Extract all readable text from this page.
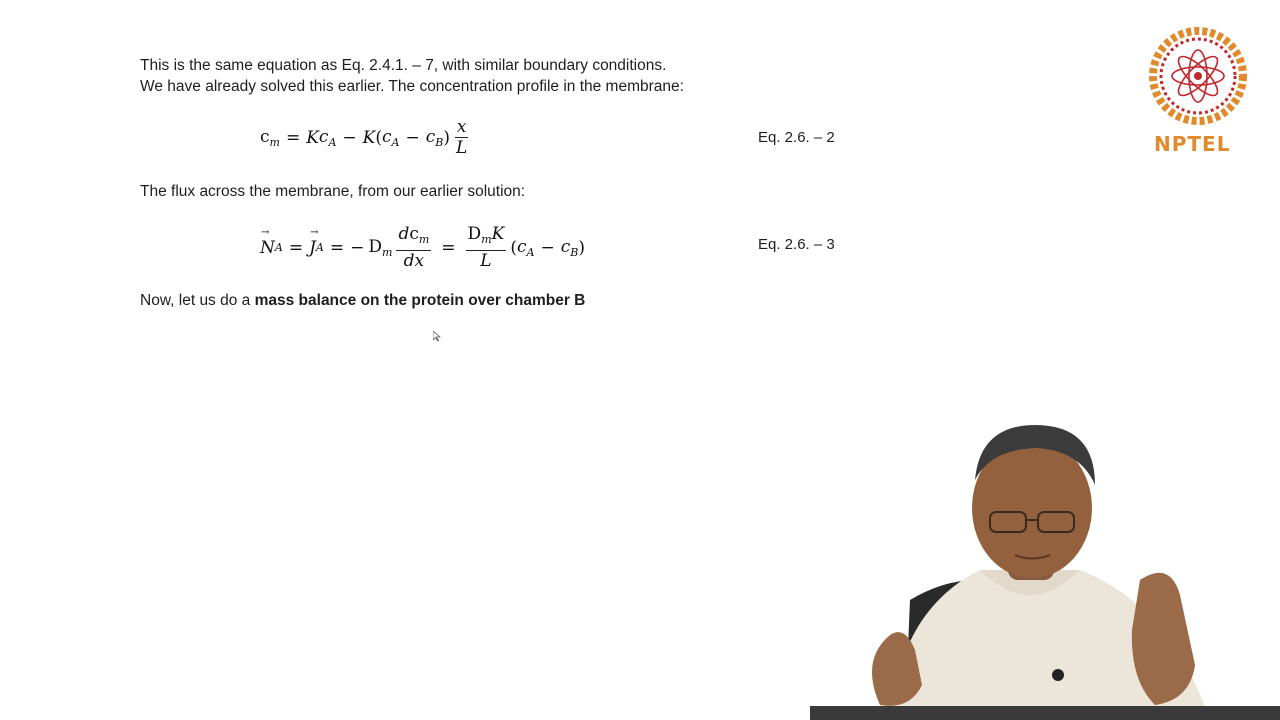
This is the same equation as Eq. 2.4.1. – 7, with similar boundary conditions.
We have already solved this earlier. The concentration profile in the membrane:
$c_m = K$ $c_A - K$ ( $c_A - c_B$ ) $\frac{x}{L}$	Eq. 2.6. – 2
The flux across the membrane, from our earlier solution:
→ N A =
→ J A = − $D_m \frac{dc_m}{dx} = \frac{D_mK}{L}$ ( $c_A - c_B$ )	Eq. 2.6. – 3
Now, let us do a mass balance on the protein over chamber B
NPTEL
